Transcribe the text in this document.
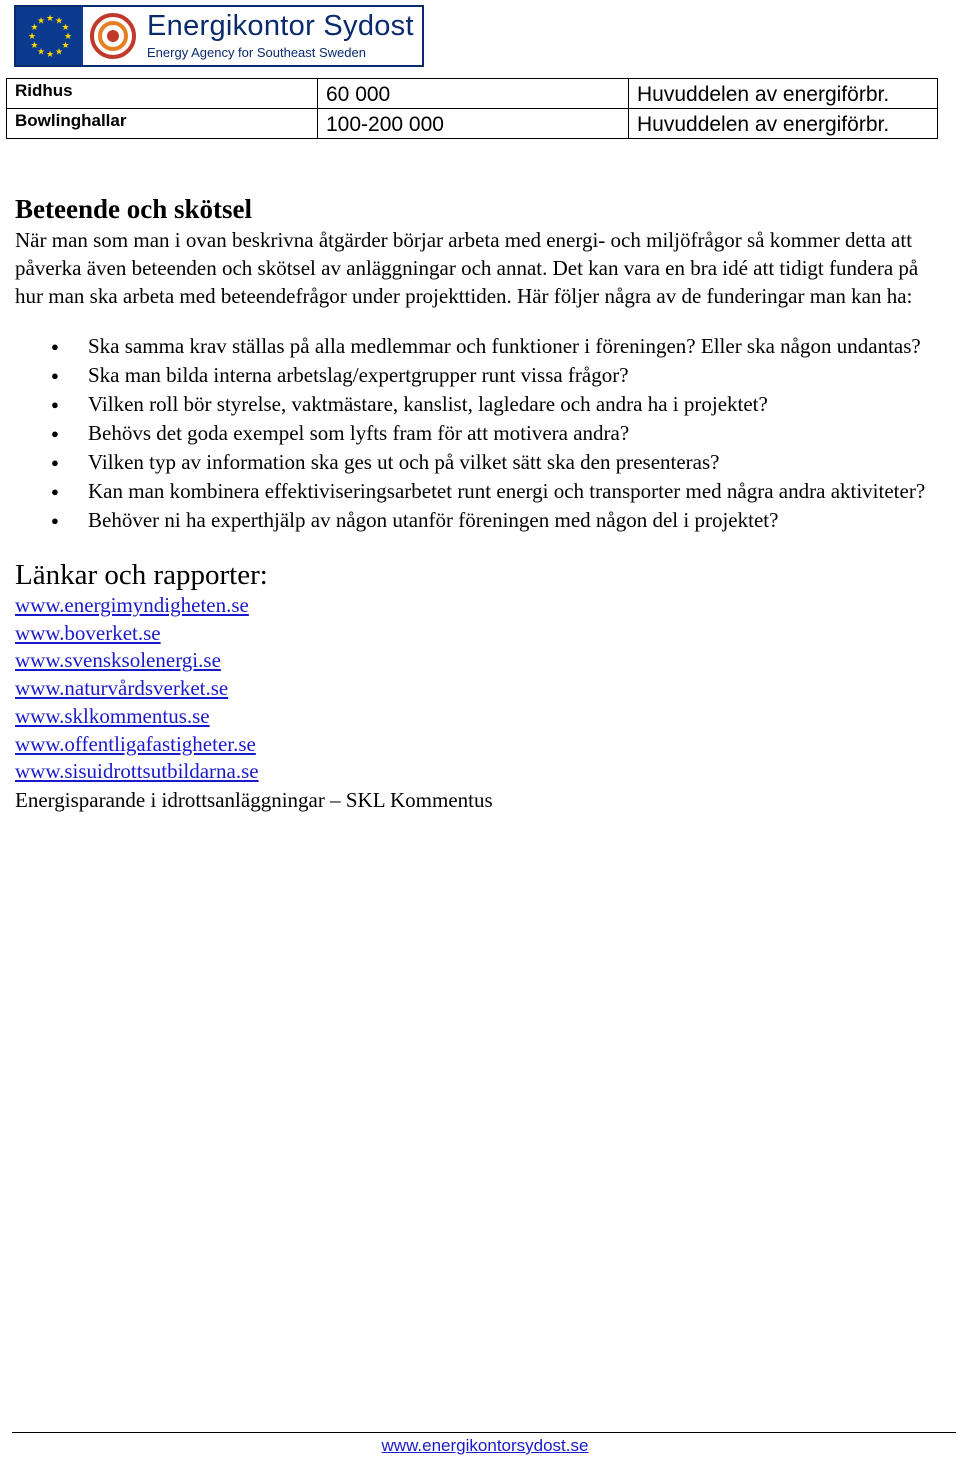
★ ★
★
★
★
★
★
★
★
★
★
★	Energikontor Sydost
Energy Agency for Southeast Sweden
Ridhus	60 000	Huvuddelen av energiförbr.
Bowlinghallar	100-200 000	Huvuddelen av energiförbr.
Beteende och skötsel

När man som man i ovan beskrivna åtgärder börjar arbeta med energi- och miljöfrågor så kommer detta att påverka även beteenden och skötsel av anläggningar och annat. Det kan vara en bra idé att tidigt fundera på hur man ska arbeta med beteendefrågor under projekttiden. Här följer några av de funderingar man kan ha:

● Ska samma krav ställas på alla medlemmar och funktioner i föreningen? Eller ska någon undantas?
● Ska man bilda interna arbetslag/expertgrupper runt vissa frågor?
● Vilken roll bör styrelse, vaktmästare, kanslist, lagledare och andra ha i projektet?
● Behövs det goda exempel som lyfts fram för att motivera andra?
● Vilken typ av information ska ges ut och på vilket sätt ska den presenteras?
● Kan man kombinera effektiviseringsarbetet runt energi och transporter med några andra aktiviteter?
● Behöver ni ha experthjälp av någon utanför föreningen med någon del i projektet?
Länkar och rapporter:
www.energimyndigheten.se
www.boverket.se
www.svensksolenergi.se
www.naturvårdsverket.se
www.sklkommentus.se
www.offentligafastigheter.se
www.sisuidrottsutbildarna.se

Energisparande i idrottsanläggningar – SKL Kommentus

www.energikontorsydost.se
